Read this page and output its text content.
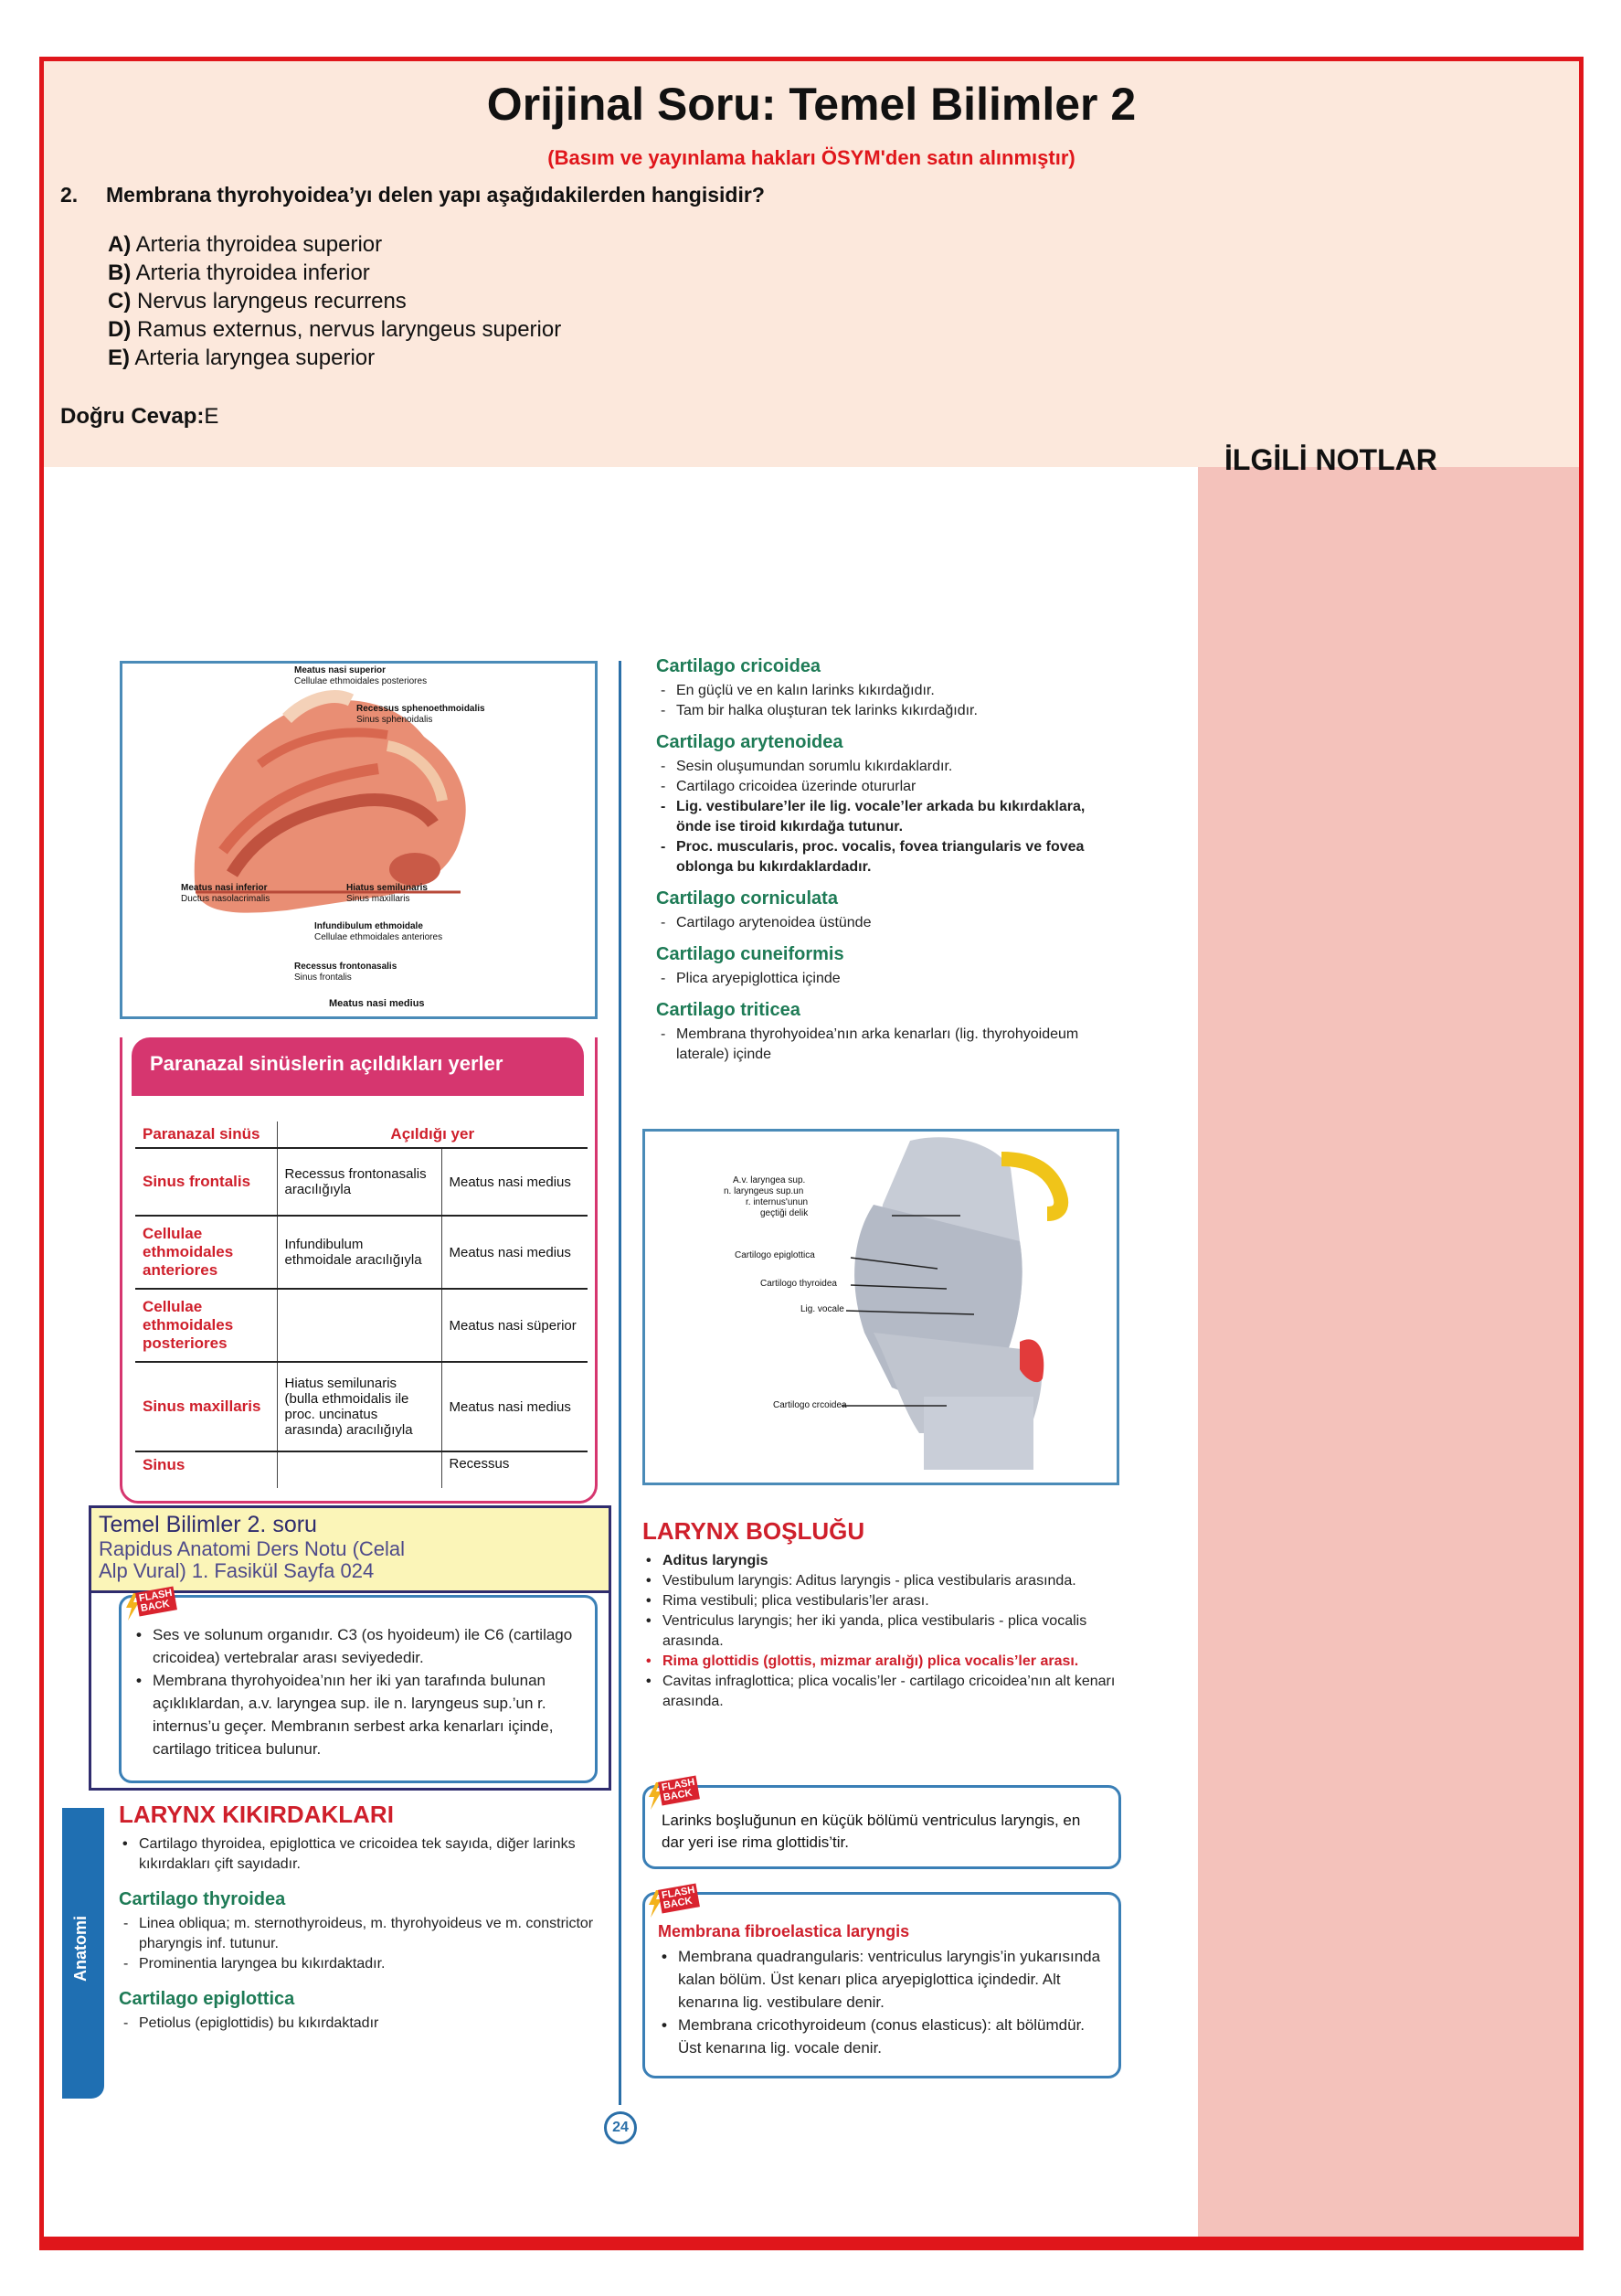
Orijinal Soru: Temel Bilimler 2
(Basım ve yayınlama hakları ÖSYM'den satın alınmıştır)
2. Membrana thyrohyoidea’yı delen yapı aşağıdakilerden hangisidir?
A) Arteria thyroidea superior
B) Arteria thyroidea inferior
C) Nervus laryngeus recurrens
D) Ramus externus, nervus laryngeus superior
E) Arteria laryngea superior
Doğru Cevap:E
İLGİLİ NOTLAR
Meatus nasi superior
Cellulae ethmoidales posteriores
Recessus sphenoethmoidalis
Sinus sphenoidalis
Meatus nasi inferior
Ductus nasolacrimalis
Hiatus semilunaris
Sinus maxillaris
Infundibulum ethmoidale
Cellulae ethmoidales anteriores
Recessus frontonasalis
Sinus frontalis
Meatus nasi medius
Paranazal sinüslerin açıldıkları yerler
Paranazal sinüs	Açıldığı yer	
Sinus frontalis	Recessus frontonasalis aracılığıyla	Meatus nasi medius
Cellulae ethmoidales anteriores	Infundibulum ethmoidale aracılığıyla	Meatus nasi medius
Cellulae ethmoidales posteriores		Meatus nasi süperior
Sinus maxillaris	Hiatus semilunaris (bulla ethmoidalis ile proc. uncinatus arasında) aracılığıyla	Meatus nasi medius
Sinus		Recessus
Temel Bilimler 2. soru
Rapidus Anatomi Ders Notu (Celal
Alp Vural) 1. Fasikül Sayfa 024
• Ses ve solunum organıdır. C3 (os hyoideum) ile C6 (cartilago cricoidea) vertebralar arası seviyededir.
• Membrana thyrohyoidea’nın her iki yan tarafında bulunan açıklıklardan, a.v. laryngea sup. ile n. laryngeus sup.’un r. internus’u geçer. Membranın serbest arka kenarları içinde, cartilago triticea bulunur.
FLASH BACK
LARYNX KIKIRDAKLARI
• Cartilago thyroidea, epiglottica ve cricoidea tek sayıda, diğer larinks kıkırdakları çift sayıdadır.
Cartilago thyroidea
- Linea obliqua; m. sternothyroideus, m. thyrohyoideus ve m. constrictor pharyngis inf. tutunur.
- Prominentia laryngea bu kıkırdaktadır.
Cartilago epiglottica
- Petiolus (epiglottidis) bu kıkırdaktadır
Anatomi
Cartilago cricoidea
- En güçlü ve en kalın larinks kıkırdağıdır.
- Tam bir halka oluşturan tek larinks kıkırdağıdır.
Cartilago arytenoidea
- Sesin oluşumundan sorumlu kıkırdaklardır.
- Cartilago cricoidea üzerinde otururlar
- Lig. vestibulare’ler ile lig. vocale’ler arkada bu kıkırdaklara, önde ise tiroid kıkırdağa tutunur.
- Proc. muscularis, proc. vocalis, fovea triangularis ve fovea oblonga bu kıkırdaklardadır.
Cartilago corniculata
- Cartilago arytenoidea üstünde
Cartilago cuneiformis
- Plica aryepiglottica içinde
Cartilago triticea
- Membrana thyrohyoidea’nın arka kenarları (lig. thyrohyoideum laterale) içinde
A.v. laryngea sup.
n. laryngeus sup.un
r. internus'unun
geçtiği delik
Cartilogo epiglottica
Cartilogo thyroidea
Lig. vocale
Cartilogo crcoidea
LARYNX BOŞLUĞU
• Aditus laryngis
• Vestibulum laryngis: Aditus laryngis - plica vestibularis arasında.
• Rima vestibuli; plica vestibularis’ler arası.
• Ventriculus laryngis; her iki yanda, plica vestibularis - plica vocalis arasında.
• Rima glottidis (glottis, mizmar aralığı) plica vocalis’ler arası.
• Cavitas infraglottica; plica vocalis’ler - cartilago cricoidea’nın alt kenarı arasında.
Larinks boşluğunun en küçük bölümü ventriculus laryngis, en dar yeri ise rima glottidis’tir.
FLASH BACK
Membrana fibroelastica laryngis
• Membrana quadrangularis: ventriculus laryngis’in yukarısında kalan bölüm. Üst kenarı plica aryepiglottica içindedir. Alt kenarına lig. vestibulare denir.
• Membrana cricothyroideum (conus elasticus): alt bölümdür. Üst kenarına lig. vocale denir.
FLASH BACK
24
